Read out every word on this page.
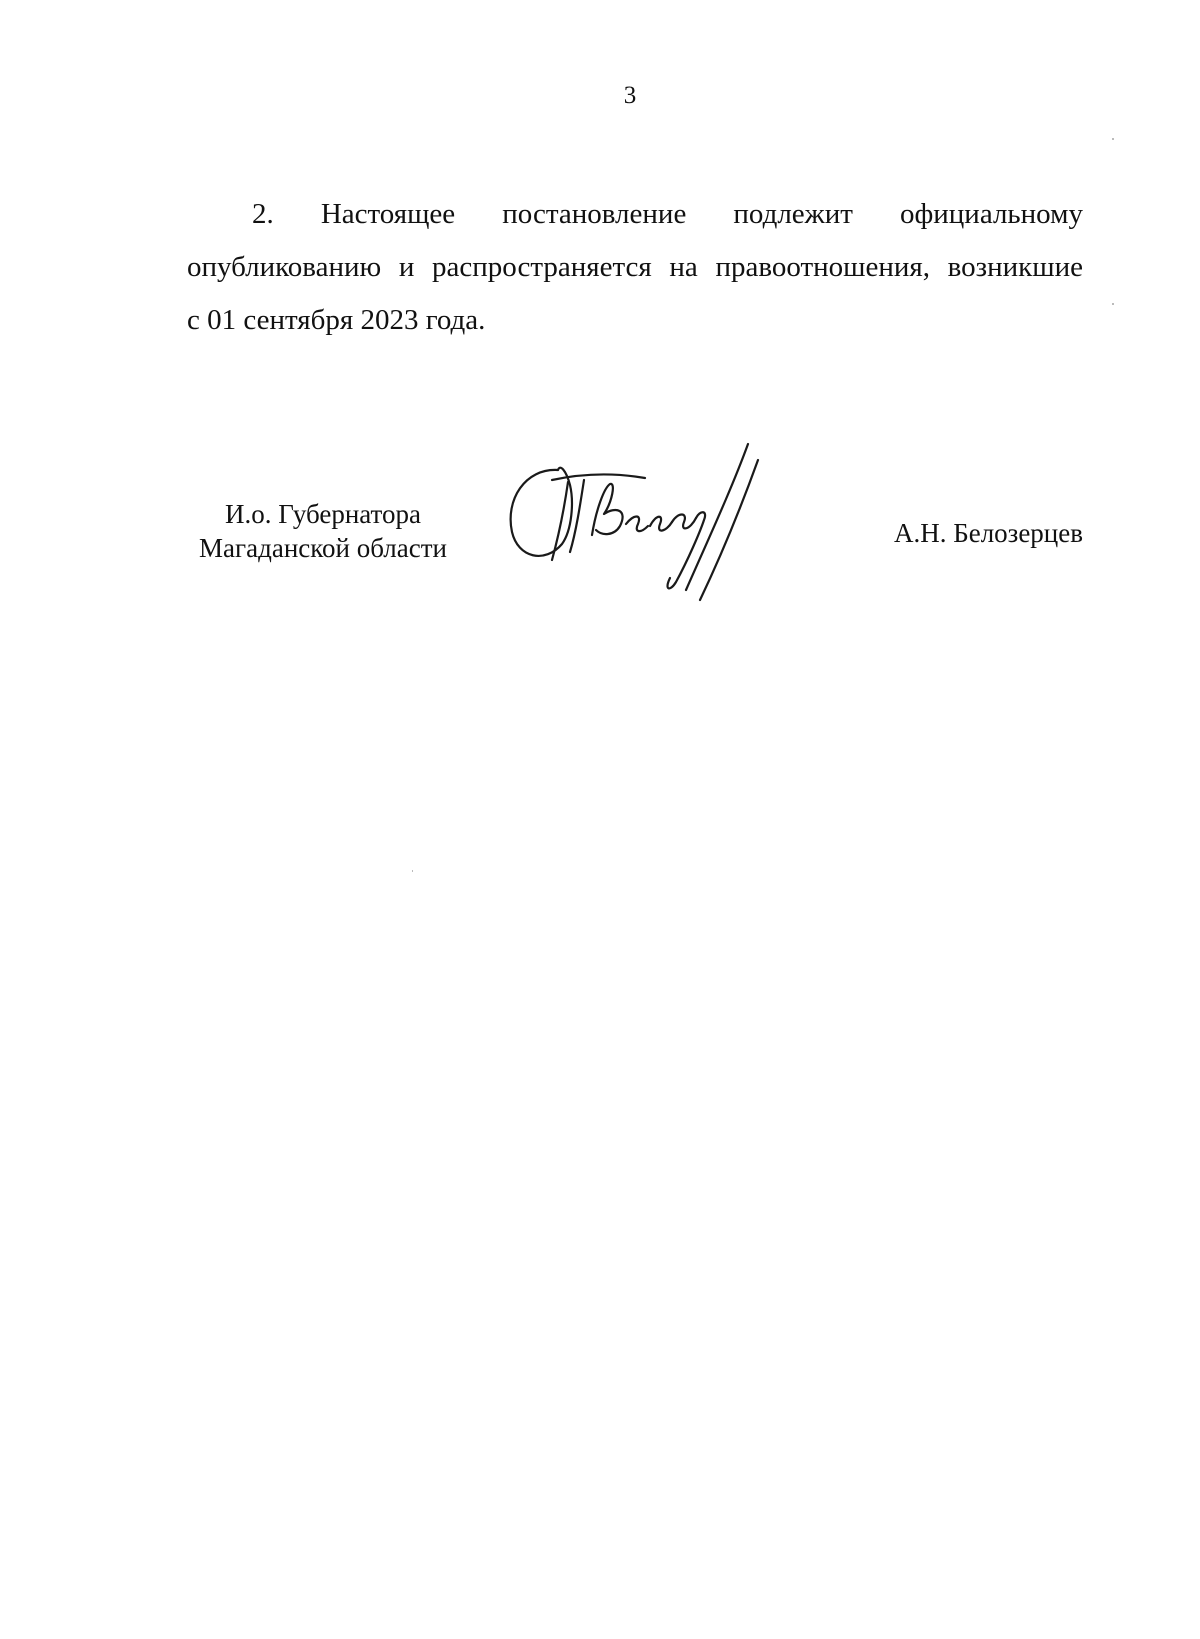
3
2. Настоящее постановление подлежит официальному
опубликованию и распространяется на правоотношения, возникшие
с 01 сентября 2023 года.
И.о. Губернатора
Магаданской области	А.Н. Белозерцев
